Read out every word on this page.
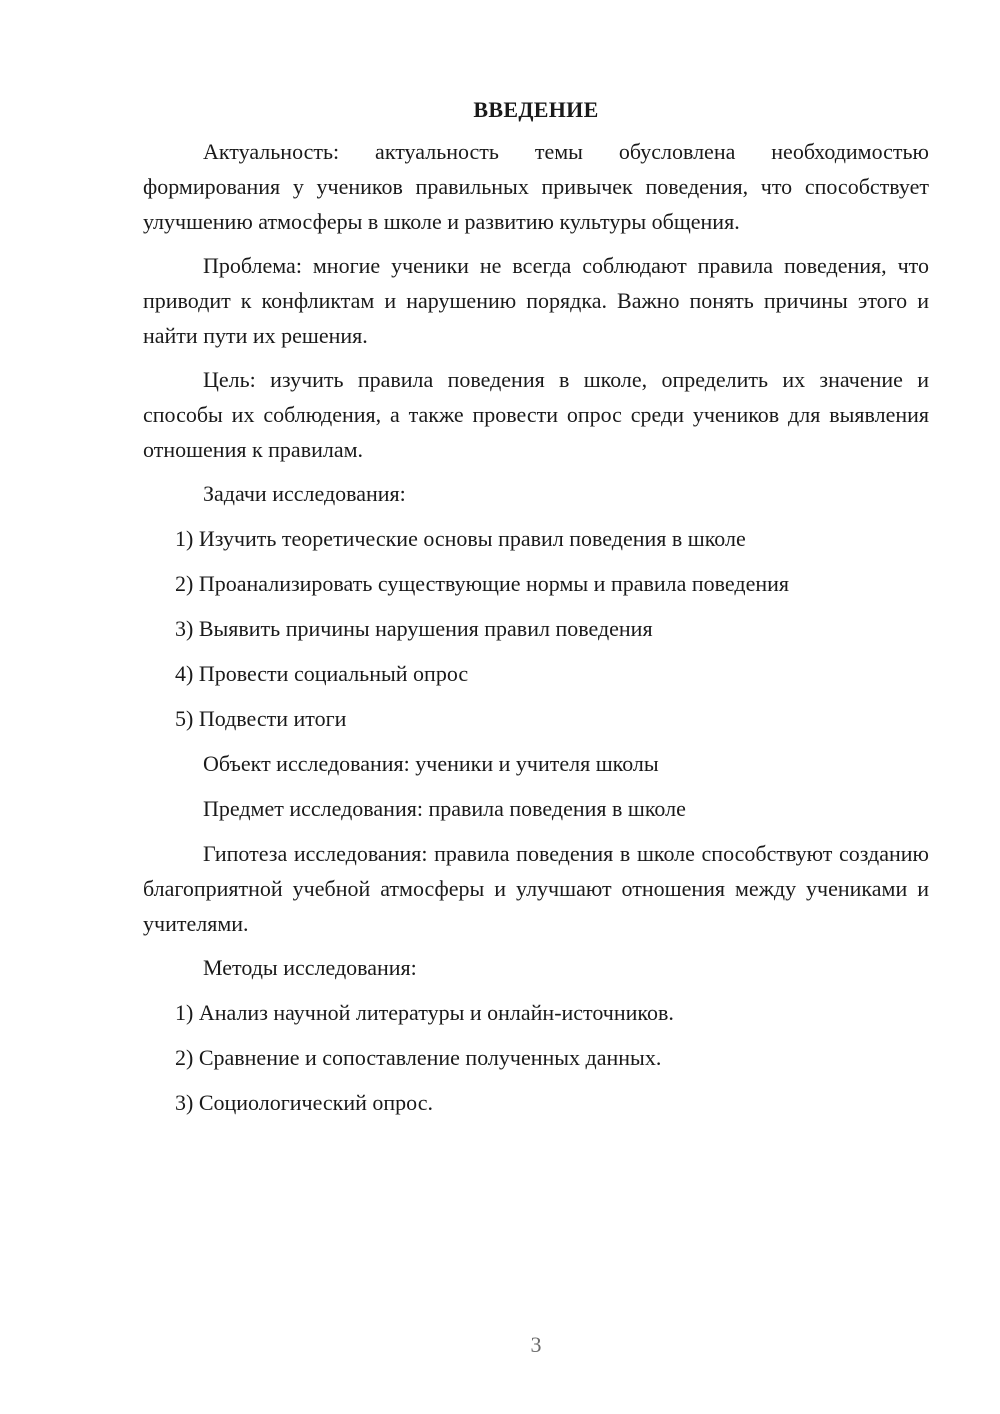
ВВЕДЕНИЕ

Актуальность: актуальность темы обусловлена необходимостью формирования у учеников правильных привычек поведения, что способствует улучшению атмосферы в школе и развитию культуры общения.

Проблема: многие ученики не всегда соблюдают правила поведения, что приводит к конфликтам и нарушению порядка. Важно понять причины этого и найти пути их решения.

Цель: изучить правила поведения в школе, определить их значение и способы их соблюдения, а также провести опрос среди учеников для выявления отношения к правилам.

Задачи исследования:
1) Изучить теоретические основы правил поведения в школе
2) Проанализировать существующие нормы и правила поведения
3) Выявить причины нарушения правил поведения
4) Провести социальный опрос
5) Подвести итоги
Объект исследования: ученики и учителя школы
Предмет исследования: правила поведения в школе

Гипотеза исследования: правила поведения в школе способствуют созданию благоприятной учебной атмосферы и улучшают отношения между учениками и учителями.

Методы исследования:
1) Анализ научной литературы и онлайн-источников.
2) Сравнение и сопоставление полученных данных.
3) Социологический опрос.
3
